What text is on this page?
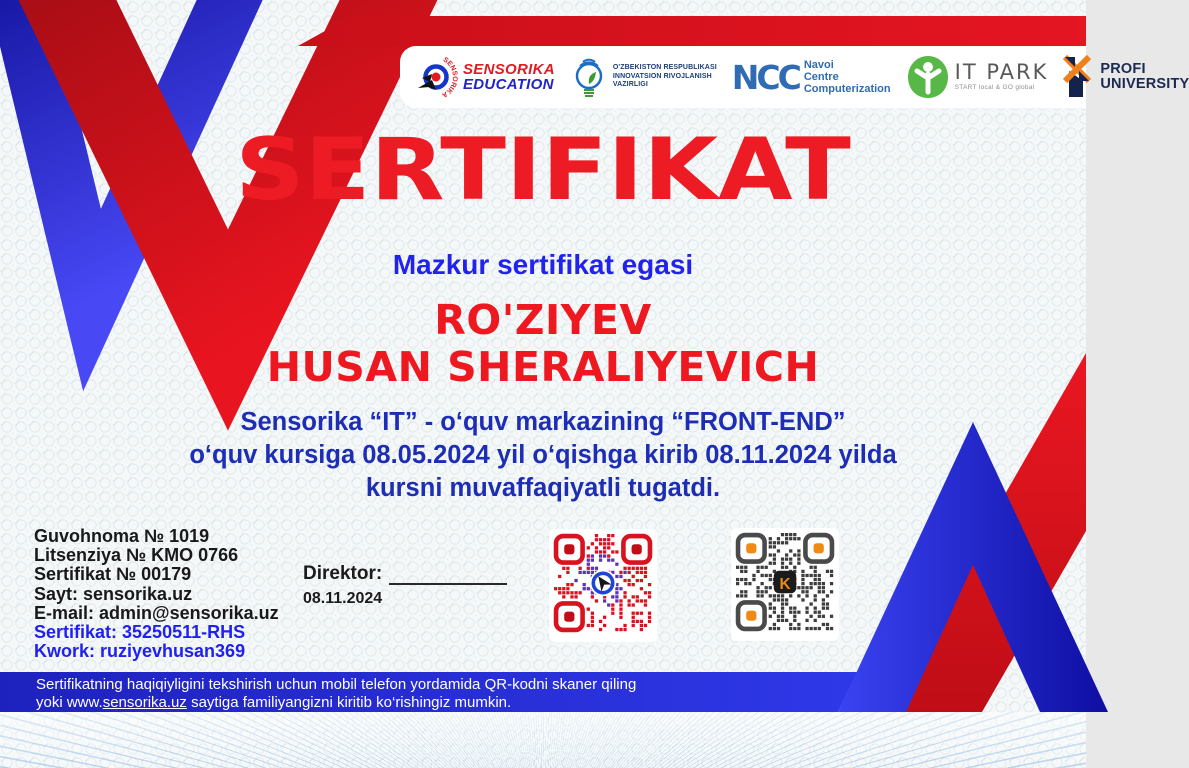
SENSORIKA
SENSORIKA
EDUCATION
O'ZBEKISTON RESPUBLIKASI
INNOVATSION RIVOJLANISH
VAZIRLIGI	NCC Navoi
Centre
Computerization
IT PARK
START local & GO global
PROFI
UNIVERSITY
SERTIFIKAT
Mazkur sertifikat egasi
RO'ZIYEV
HUSAN SHERALIYEVICH
Sensorika “IT” - o‘quv markazining “FRONT-END”
o‘quv kursiga 08.05.2024 yil o‘qishga kirib 08.11.2024 yilda
kursni muvaffaqiyatli tugatdi.
Guvohnoma № 1019
Litsenziya № KMO 0766
Sertifikat № 00179
Sayt: sensorika.uz
E-mail: admin@sensorika.uz
Sertifikat: 35250511-RHS
Kwork: ruziyevhusan369
Direktor:
08.11.2024
K
Sertifikatning haqiqiyligini tekshirish uchun mobil telefon yordamida QR-kodni skaner qiling
yoki www.sensorika.uz saytiga familiyangizni kiritib ko‘rishingiz mumkin.
